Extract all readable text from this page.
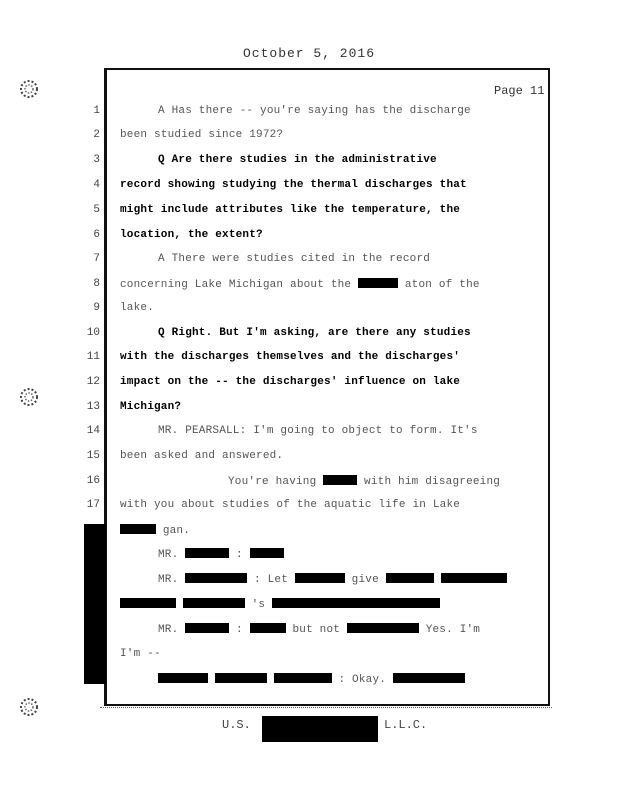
October 5, 2016
Page 11
1	A Has there -- you're saying has the discharge
2 been studied since 1972?
3	Q Are there studies in the administrative
4 record showing studying the thermal discharges that
5 might include attributes like the temperature, the
6 location, the extent?
7	A There were studies cited in the record
8 concerning Lake Michigan about the	aton of the
9 lake.
10	Q Right. But I'm asking, are there any studies
11 with the discharges themselves and the discharges'
12 impact on the -- the discharges' influence on lake
13 Michigan?
14	MR. PEARSALL: I'm going to object to form. It's
15 been asked and answered.
16	You're having	with him disagreeing
17 with you about studies of the aquatic life in Lake
gan.
MR.	:
MR.	: Let	give
's
MR.	:	but not	Yes. I'm
I'm --
: Okay.
U.S.	L.L.C.
